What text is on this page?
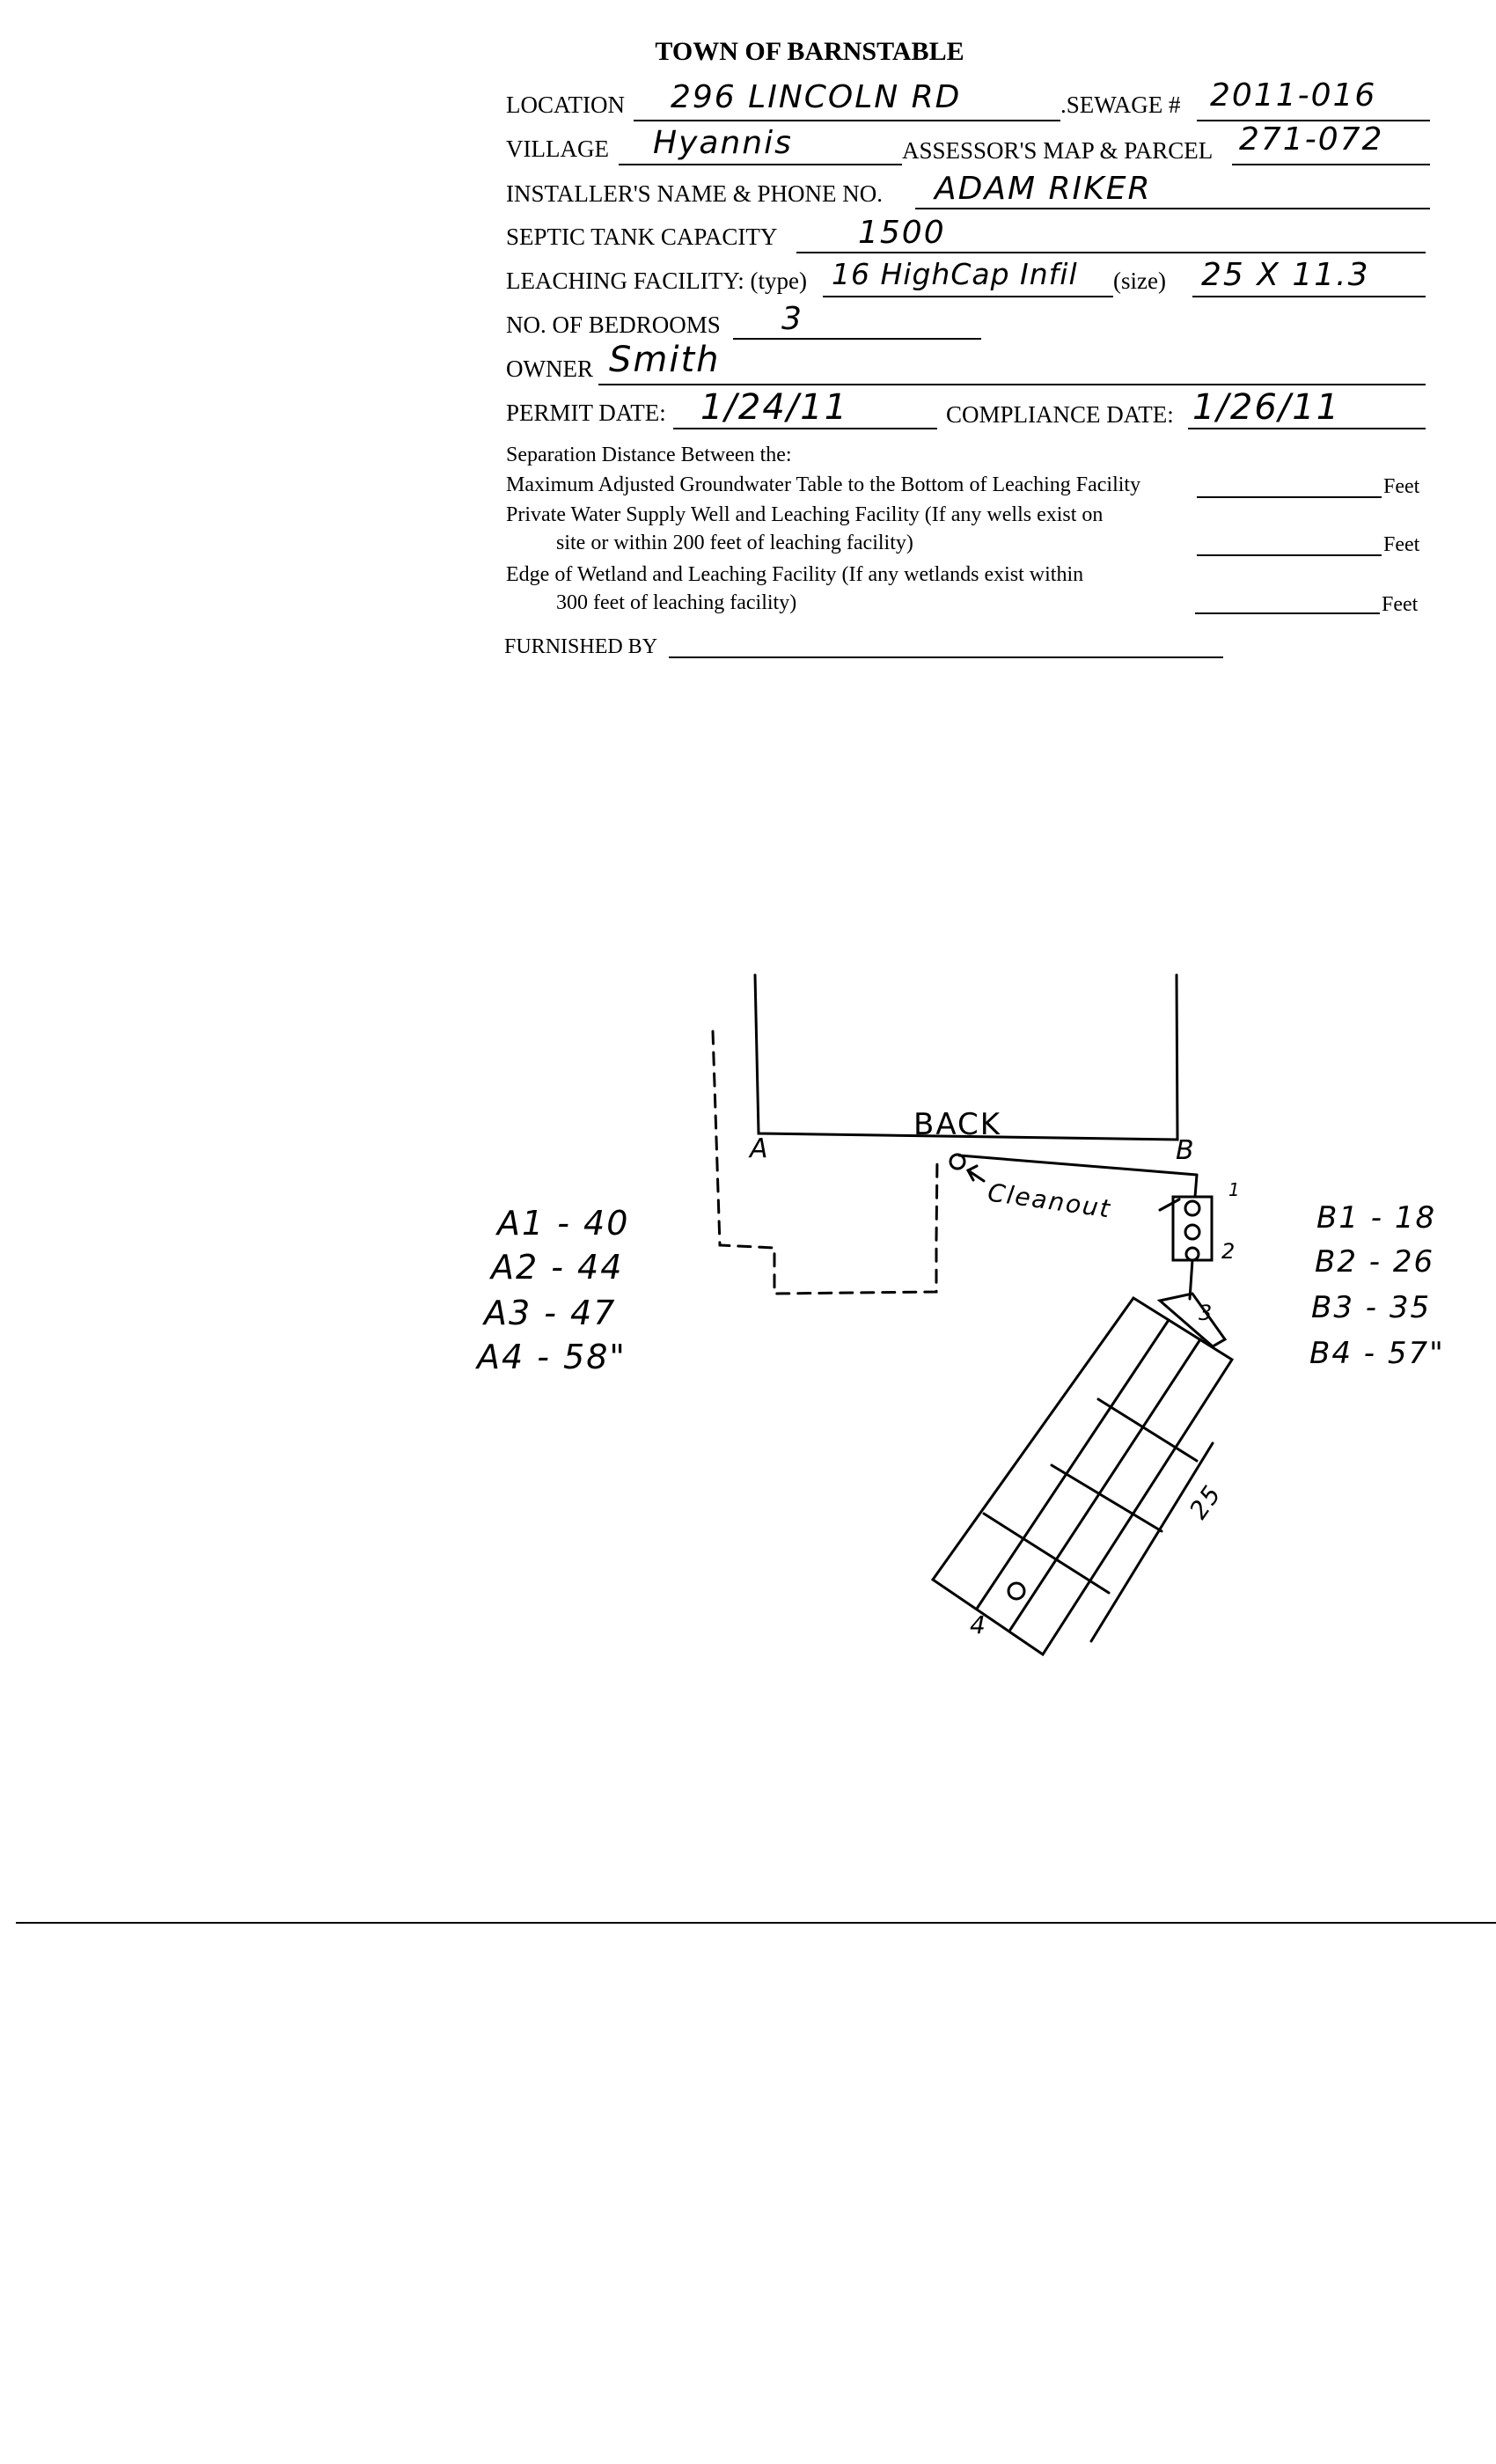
TOWN OF BARNSTABLE
LOCATION 296 LINCOLN RD	.SEWAGE # 2011-016
VILLAGE Hyannis	ASSESSOR'S MAP & PARCEL 271-072
INSTALLER'S NAME & PHONE NO. ADAM RIKER
SEPTIC TANK CAPACITY	1500
LEACHING FACILITY: (type) 16 HighCap Infil (size) 25 X 11.3
NO. OF BEDROOMS 3
OWNER Smith
PERMIT DATE: 1/24/11	COMPLIANCE DATE: 1/26/11
Separation Distance Between the:
Maximum Adjusted Groundwater Table to the Bottom of Leaching Facility	Feet
Private Water Supply Well and Leaching Facility (If any wells exist on
site or within 200 feet of leaching facility)	Feet
Edge of Wetland and Leaching Facility (If any wetlands exist within
300 feet of leaching facility)	Feet
FURNISHED BY
BACK
A	B
Cleanout	1
2
3
4
25
A1 - 40
A2 - 44
A3 - 47
A4 - 58"
B1 - 18
B2 - 26
B3 - 35
B4 - 57"
